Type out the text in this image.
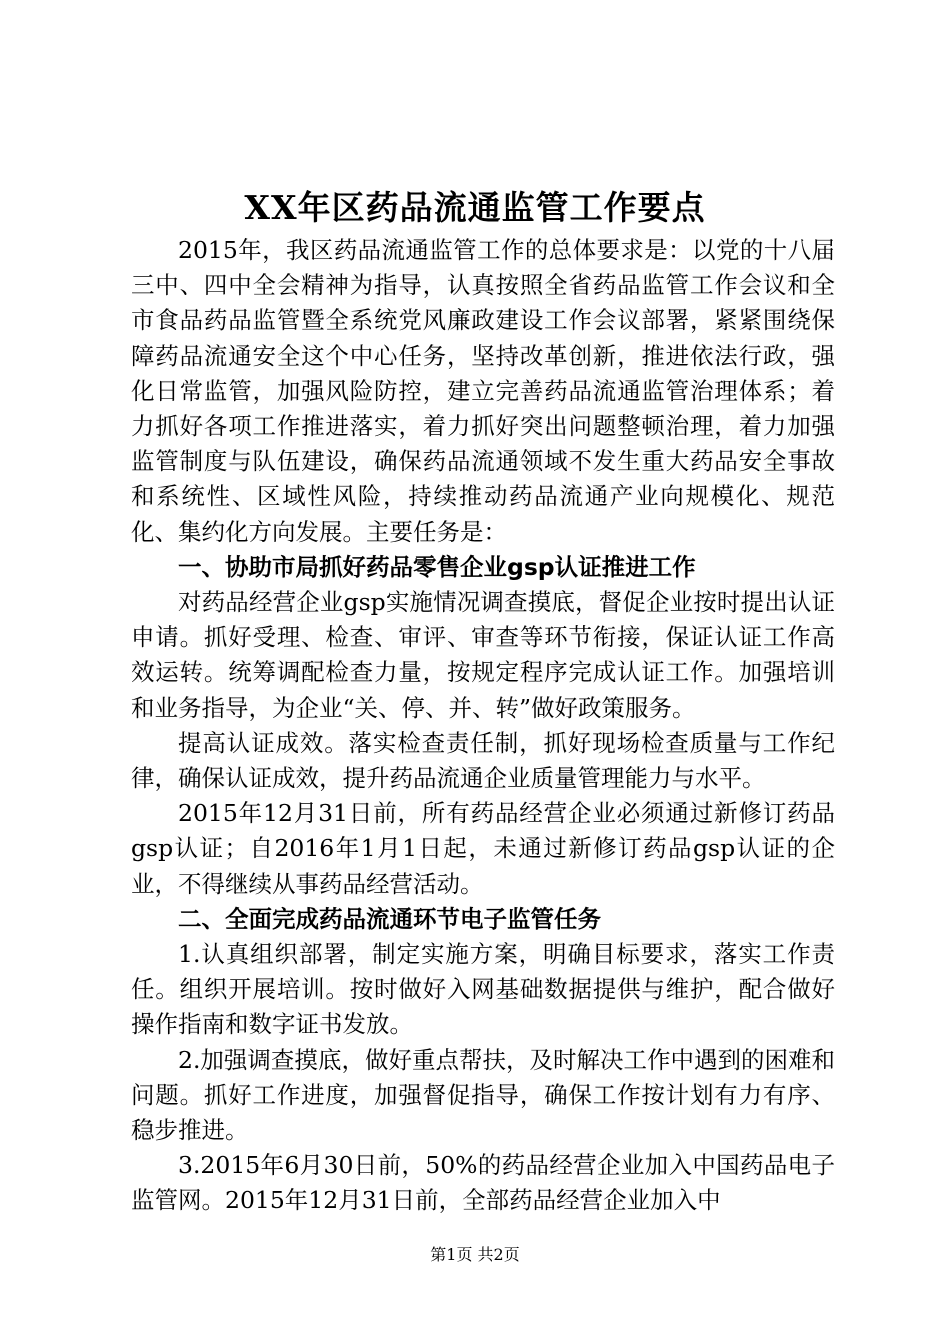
XX年区药品流通监管工作要点

2015年，我区药品流通监管工作的总体要求是：以党的十八届三中、四中全会精神为指导，认真按照全省药品监管工作会议和全市食品药品监管暨全系统党风廉政建设工作会议部署，紧紧围绕保障药品流通安全这个中心任务，坚持改革创新，推进依法行政，强化日常监管，加强风险防控，建立完善药品流通监管治理体系；着力抓好各项工作推进落实，着力抓好突出问题整顿治理，着力加强监管制度与队伍建设，确保药品流通领域不发生重大药品安全事故和系统性、区域性风险，持续推动药品流通产业向规模化、规范化、集约化方向发展。主要任务是：

一、协助市局抓好药品零售企业gsp认证推进工作

对药品经营企业gsp实施情况调查摸底，督促企业按时提出认证申请。抓好受理、检查、审评、审查等环节衔接，保证认证工作高效运转。统筹调配检查力量，按规定程序完成认证工作。加强培训和业务指导，为企业“关、停、并、转”做好政策服务。

提高认证成效。落实检查责任制，抓好现场检查质量与工作纪律，确保认证成效，提升药品流通企业质量管理能力与水平。

2015年12月31日前，所有药品经营企业必须通过新修订药品gsp认证；自2016年1月1日起，未通过新修订药品gsp认证的企业，不得继续从事药品经营活动。

二、全面完成药品流通环节电子监管任务

1.认真组织部署，制定实施方案，明确目标要求，落实工作责任。组织开展培训。按时做好入网基础数据提供与维护，配合做好操作指南和数字证书发放。

2.加强调查摸底，做好重点帮扶，及时解决工作中遇到的困难和问题。抓好工作进度，加强督促指导，确保工作按计划有力有序、稳步推进。

3.2015年6月30日前，50%的药品经营企业加入中国药品电子监管网。2015年12月31日前，全部药品经营企业加入中

第1页 共2页
